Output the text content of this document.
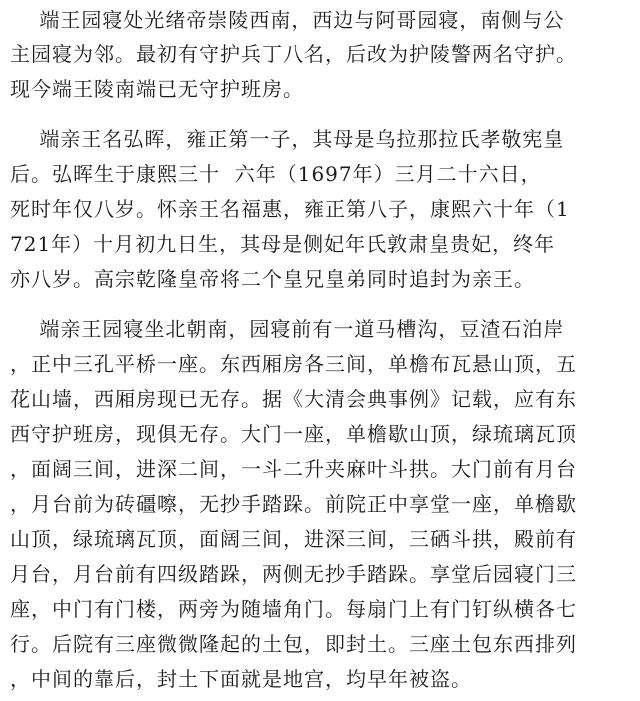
端王园寝处光绪帝崇陵西南，西边与阿哥园寝，南侧与公
主园寝为邻。最初有守护兵丁八名，后改为护陵警两名守护。
现今端王陵南端已无守护班房。
端亲王名弘晖，雍正第一子，其母是乌拉那拉氏孝敬宪皇
后。弘晖生于康熙三十  六年（1697年）三月二十六日，
死时年仅八岁。怀亲王名福惠，雍正第八子，康熙六十年（1
721年）十月初九日生，其母是侧妃年氏敦肃皇贵妃，终年
亦八岁。高宗乾隆皇帝将二个皇兄皇弟同时追封为亲王。
端亲王园寝坐北朝南，园寝前有一道马槽沟，豆渣石泊岸
，正中三孔平桥一座。东西厢房各三间，单檐布瓦悬山顶，五
花山墙，西厢房现已无存。据《大清会典事例》记载，应有东
西守护班房，现俱无存。大门一座，单檐歇山顶，绿琉璃瓦顶
，面阔三间，进深二间，一斗二升夹麻叶斗拱。大门前有月台
，月台前为砖礓嚓，无抄手踏跺。前院正中享堂一座，单檐歇
山顶，绿琉璃瓦顶，面阔三间，进深三间，三硒斗拱，殿前有
月台，月台前有四级踏跺，两侧无抄手踏跺。享堂后园寝门三
座，中门有门楼，两旁为随墙角门。每扇门上有门钉纵横各七
行。后院有三座微微隆起的土包，即封土。三座土包东西排列
，中间的靠后，封土下面就是地宫，均早年被盗。
